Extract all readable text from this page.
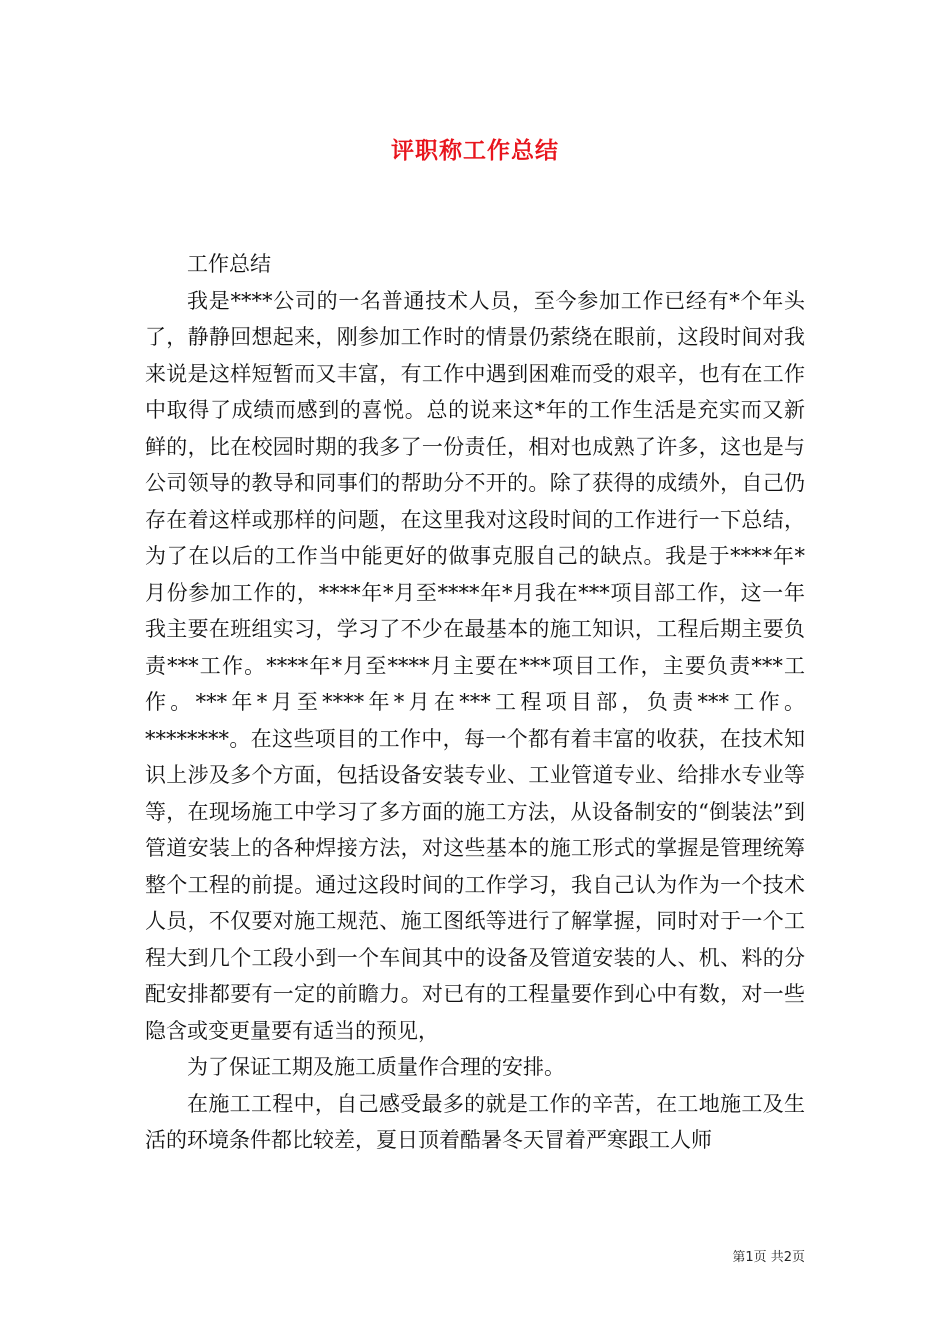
评职称工作总结

工作总结

我是****公司的一名普通技术人员，至今参加工作已经有*个年头了，静静回想起来，刚参加工作时的情景仍萦绕在眼前，这段时间对我来说是这样短暂而又丰富，有工作中遇到困难而受的艰辛，也有在工作中取得了成绩而感到的喜悦。总的说来这*年的工作生活是充实而又新鲜的，比在校园时期的我多了一份责任，相对也成熟了许多，这也是与公司领导的教导和同事们的帮助分不开的。除了获得的成绩外，自己仍存在着这样或那样的问题，在这里我对这段时间的工作进行一下总结，为了在以后的工作当中能更好的做事克服自己的缺点。我是于****年*月份参加工作的，****年*月至****年*月我在***项目部工作，这一年我主要在班组实习，学习了不少在最基本的施工知识，工程后期主要负责***工作。****年*月至****月主要在***项目工作，主要负责***工作。***年*月至****年*月在***工程项目部，负责***工作。********。在这些项目的工作中，每一个都有着丰富的收获，在技术知识上涉及多个方面，包括设备安装专业、工业管道专业、给排水专业等等，在现场施工中学习了多方面的施工方法，从设备制安的“倒装法”到管道安装上的各种焊接方法，对这些基本的施工形式的掌握是管理统筹整个工程的前提。通过这段时间的工作学习，我自己认为作为一个技术人员，不仅要对施工规范、施工图纸等进行了解掌握，同时对于一个工程大到几个工段小到一个车间其中的设备及管道安装的人、机、料的分配安排都要有一定的前瞻力。对已有的工程量要作到心中有数，对一些隐含或变更量要有适当的预见，

为了保证工期及施工质量作合理的安排。

在施工工程中，自己感受最多的就是工作的辛苦，在工地施工及生活的环境条件都比较差，夏日顶着酷暑冬天冒着严寒跟工人师

第1页 共2页
